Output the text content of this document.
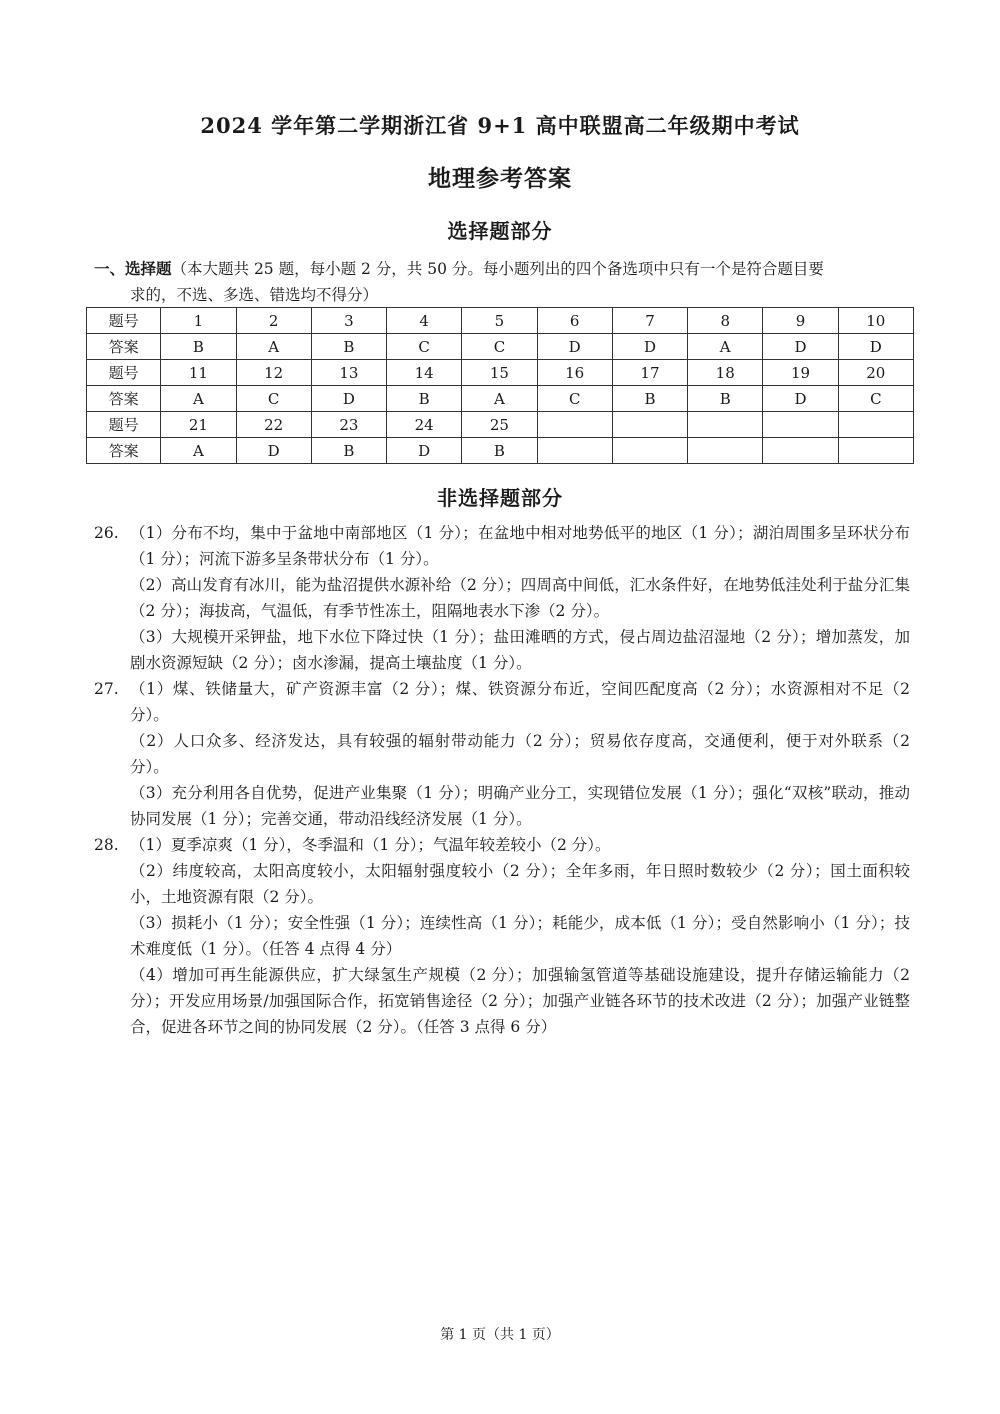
2024 学年第二学期浙江省 9+1 高中联盟高二年级期中考试
地理参考答案
选择题部分
一、选择题（本大题共 25 题，每小题 2 分，共 50 分。每小题列出的四个备选项中只有一个是符合题目要
求的，不选、多选、错选均不得分）
题号	1	2	3	4	5	6	7	8	9	10
答案	B	A	B	C	C	D	D	A	D	D
题号	11	12	13	14	15	16	17	18	19	20
答案	A	C	D	B	A	C	B	B	D	C
题号	21	22	23	24	25					
答案	A	D	B	D	B					
非选择题部分
26. （1）分布不均，集中于盆地中南部地区（1 分）；在盆地中相对地势低平的地区（1 分）；湖泊周围多呈环状分布（1 分）；河流下游多呈条带状分布（1 分）。
（2）高山发育有冰川，能为盐沼提供水源补给（2 分）；四周高中间低，汇水条件好，在地势低洼处利于盐分汇集（2 分）；海拔高，气温低，有季节性冻土，阻隔地表水下渗（2 分）。
（3）大规模开采钾盐，地下水位下降过快（1 分）；盐田滩晒的方式，侵占周边盐沼湿地（2 分）；增加蒸发，加剧水资源短缺（2 分）；卤水渗漏，提高土壤盐度（1 分）。
27. （1）煤、铁储量大，矿产资源丰富（2 分）；煤、铁资源分布近，空间匹配度高（2 分）；水资源相对不足（2 分）。
（2）人口众多、经济发达，具有较强的辐射带动能力（2 分）；贸易依存度高，交通便利，便于对外联系（2 分）。
（3）充分利用各自优势，促进产业集聚（1 分）；明确产业分工，实现错位发展（1 分）；强化“双核”联动，推动协同发展（1 分）；完善交通，带动沿线经济发展（1 分）。
28. （1）夏季凉爽（1 分），冬季温和（1 分）；气温年较差较小（2 分）。
（2）纬度较高，太阳高度较小，太阳辐射强度较小（2 分）；全年多雨，年日照时数较少（2 分）；国土面积较小，土地资源有限（2 分）。
（3）损耗小（1 分）；安全性强（1 分）；连续性高（1 分）；耗能少，成本低（1 分）；受自然影响小（1 分）；技术难度低（1 分）。（任答 4 点得 4 分）
（4）增加可再生能源供应，扩大绿氢生产规模（2 分）；加强输氢管道等基础设施建设，提升存储运输能力（2 分）；开发应用场景/加强国际合作，拓宽销售途径（2 分）；加强产业链各环节的技术改进（2 分）；加强产业链整合，促进各环节之间的协同发展（2 分）。（任答 3 点得 6 分）
第 1 页（共 1 页）
